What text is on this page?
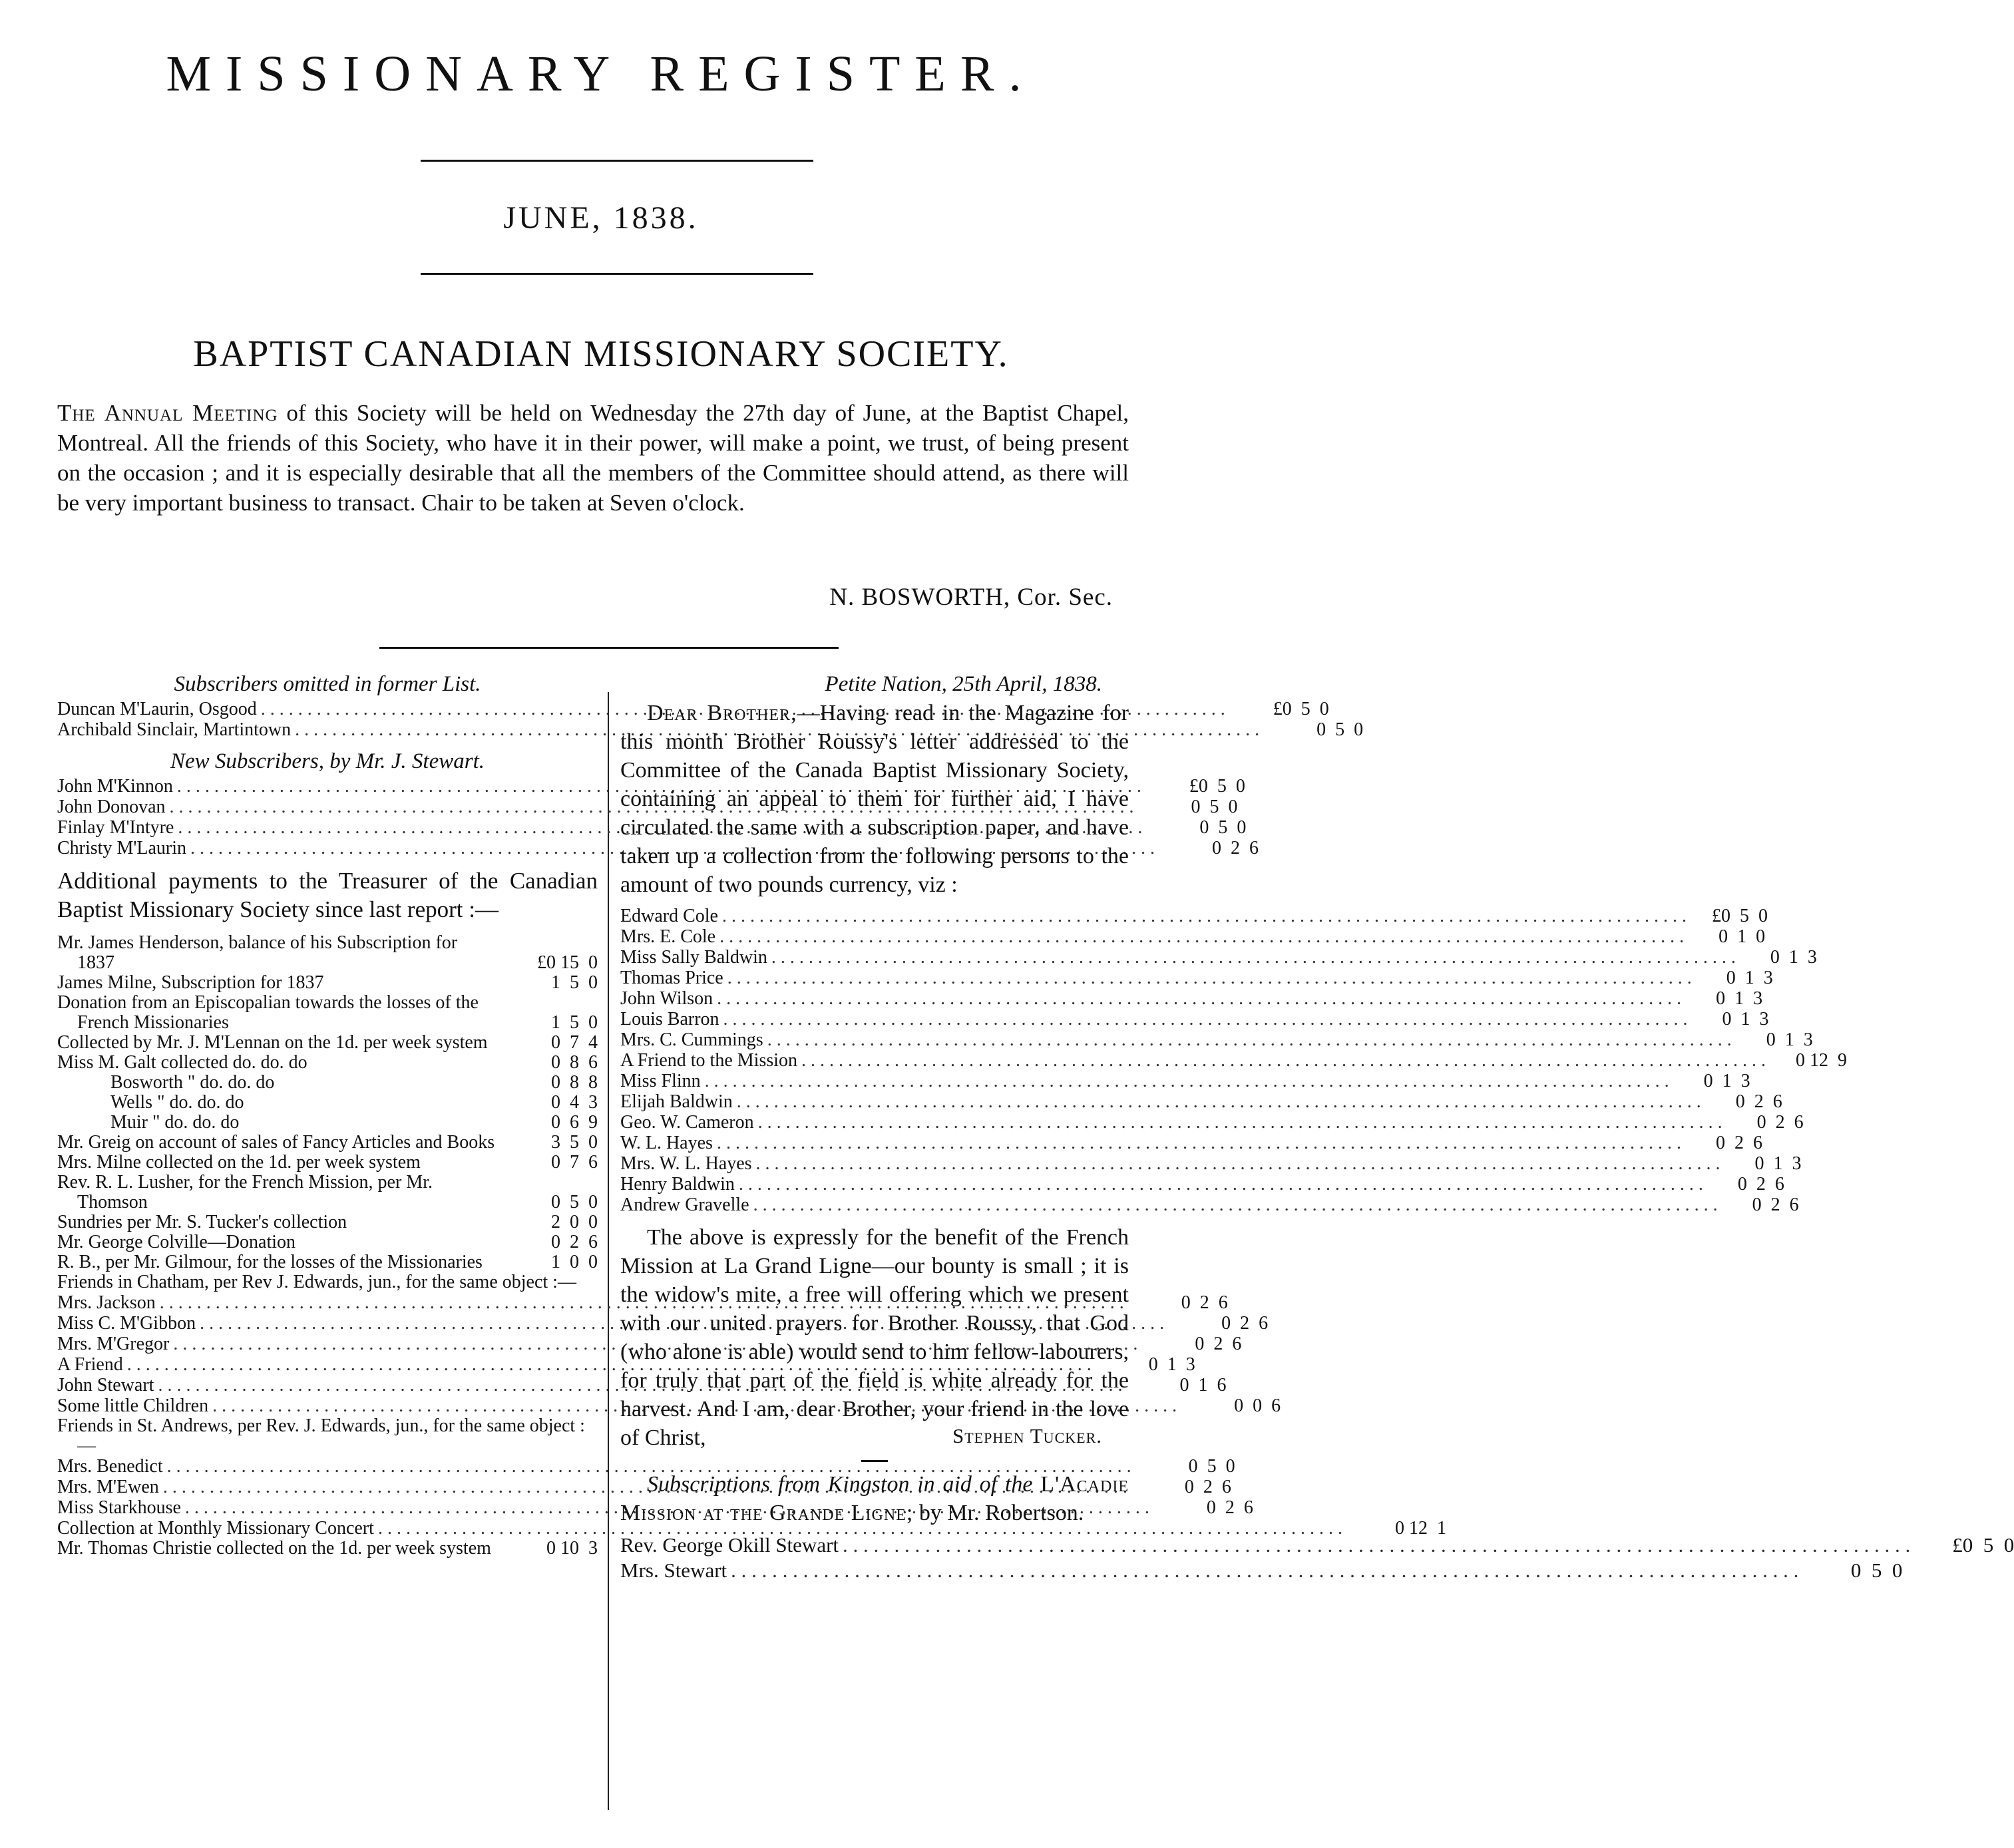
MISSIONARY REGISTER.
JUNE, 1838.
BAPTIST CANADIAN MISSIONARY SOCIETY.
The Annual Meeting of this Society will be held on Wednesday the 27th day of June, at the Baptist Chapel, Montreal. All the friends of this Society, who have it in their power, will make a point, we trust, of being present on the occasion ; and it is especially desirable that all the members of the Committee should attend, as there will be very important business to transact. Chair to be taken at Seven o'clock.
N. BOSWORTH, Cor. Sec.
Subscribers omitted in former List.
Duncan M'Laurin, Osgood . . .	£0  5  0
Archibald Sinclair, Martintown . . .	0  5  0
New Subscribers, by Mr. J. Stewart.
John M'Kinnon . . .	£0  5  0
John Donovan . . .	0  5  0
Finlay M'Intyre . . .	0  5  0
Christy M'Laurin . . .	0  2  6
Additional payments to the Treasurer of the Canadian Baptist Missionary Society since last report :—
Mr. James Henderson, balance of his Subscription for 1837	£0 15  0
James Milne, Subscription for 1837	1  5  0
Donation from an Episcopalian towards the losses of the French Missionaries	1  5  0
Collected by Mr. J. M'Lennan on the 1d. per week system	0  7  4
Miss M. Galt collected do. do. do	0  8  6
Bosworth " do. do. do	0  8  8
Wells " do. do. do	0  4  3
Muir " do. do. do	0  6  9
Mr. Greig on account of sales of Fancy Articles and Books	3  5  0
Mrs. Milne collected on the 1d. per week system	0  7  6
Rev. R. L. Lusher, for the French Mission, per Mr. Thomson	0  5  0
Sundries per Mr. S. Tucker's collection	2  0  0
Mr. George Colville—Donation	0  2  6
R. B., per Mr. Gilmour, for the losses of the Missionaries	1  0  0
Friends in Chatham, per Rev J. Edwards, jun., for the same object :—
Mrs. Jackson . . .	0  2  6
Miss C. M'Gibbon . . .	0  2  6
Mrs. M'Gregor . . .	0  2  6
A Friend . . .	0  1  3
John Stewart . . .	0  1  6
Some little Children . . .	0  0  6
Friends in St. Andrews, per Rev. J. Edwards, jun., for the same object :—
Mrs. Benedict . . .	0  5  0
Mrs. M'Ewen . . .	0  2  6
Miss Starkhouse . . .	0  2  6
Collection at Monthly Missionary Concert . . .	0 12  1
Mr. Thomas Christie collected on the 1d. per week system	0 10  3
Petite Nation, 25th April, 1838.
Dear Brother,—Having read in the Magazine for this month Brother Roussy's letter addressed to the Committee of the Canada Baptist Missionary Society, containing an appeal to them for further aid, I have circulated the same with a subscription paper, and have taken up a collection from the following persons to the amount of two pounds currency, viz :
Edward Cole . . .	£0  5  0
Mrs. E. Cole . . .	0  1  0
Miss Sally Baldwin . . .	0  1  3
Thomas Price . . .	0  1  3
John Wilson . . .	0  1  3
Louis Barron . . .	0  1  3
Mrs. C. Cummings . . .	0  1  3
A Friend to the Mission . . .	0 12  9
Miss Flinn . . .	0  1  3
Elijah Baldwin . . .	0  2  6
Geo. W. Cameron . . .	0  2  6
W. L. Hayes . . .	0  2  6
Mrs. W. L. Hayes . . .	0  1  3
Henry Baldwin . . .	0  2  6
Andrew Gravelle . . .	0  2  6
The above is expressly for the benefit of the French Mission at La Grand Ligne—our bounty is small ; it is the widow's mite, a free will offering which we present with our united prayers for Brother Roussy, that God (who alone is able) would send to him fellow-labourers, for truly that part of the field is white already for the harvest. And I am, dear Brother, your friend in the love of Christ,	Stephen Tucker.
Subscriptions from Kingston in aid of the L'Acadie Mission at the Grande Ligne; by Mr. Robertson.
Rev. George Okill Stewart . . .	£0  5  0
Mrs. Stewart . . .	0  5  0
